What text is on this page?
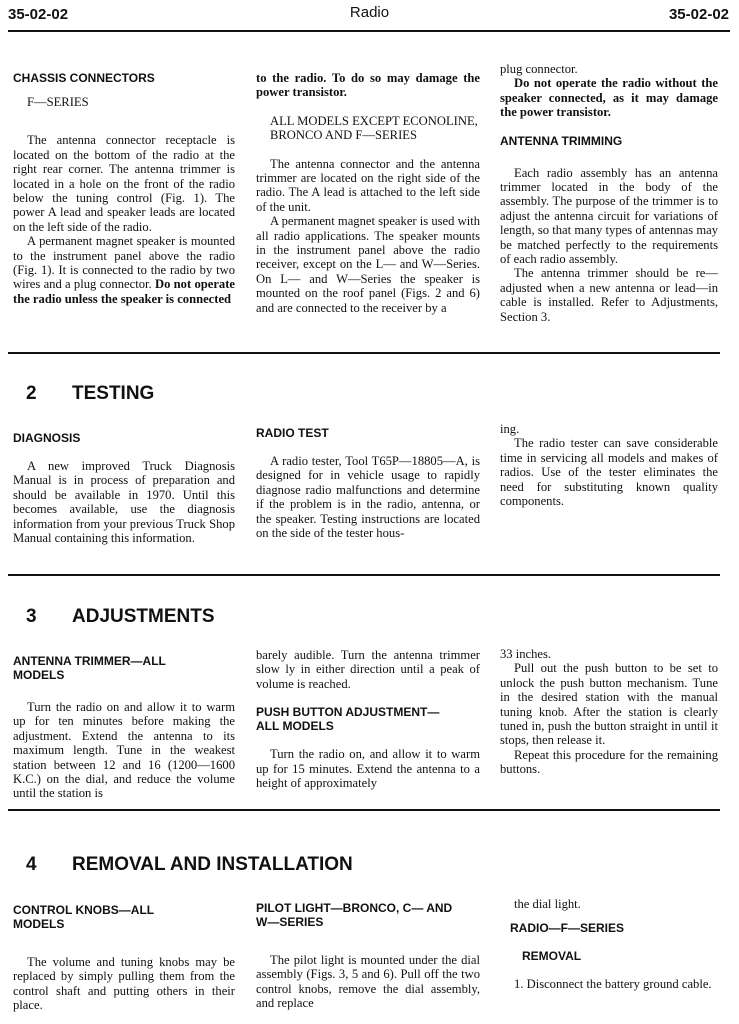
35-02-02	Radio	35-02-02
CHASSIS CONNECTORS
F—SERIES

The antenna connector receptacle is located on the bottom of the radio at the right rear corner. The antenna trimmer is located in a hole on the front of the radio below the tuning control (Fig. 1). The power A lead and speaker leads are located on the left side of the radio.

A permanent magnet speaker is mounted to the instrument panel above the radio (Fig. 1). It is connected to the radio by two wires and a plug connector. Do not operate the radio unless the speaker is connected

to the radio. To do so may damage the power transistor.

ALL MODELS EXCEPT ECONOLINE, BRONCO AND F—SERIES

The antenna connector and the antenna trimmer are located on the right side of the radio. The A lead is attached to the left side of the unit.

A permanent magnet speaker is used with all radio applications. The speaker mounts in the instrument panel above the radio receiver, except on the L— and W—Series. On L— and W—Series the speaker is mounted on the roof panel (Figs. 2 and 6) and are connected to the receiver by a

plug connector.

Do not operate the radio without the speaker connected, as it may damage the power transistor.

ANTENNA TRIMMING

Each radio assembly has an antenna trimmer located in the body of the assembly. The purpose of the trimmer is to adjust the antenna circuit for variations of length, so that many types of antennas may be matched perfectly to the requirements of each radio assembly.

The antenna trimmer should be re—adjusted when a new antenna or lead—in cable is installed. Refer to Adjustments, Section 3.

2 TESTING
DIAGNOSIS

A new improved Truck Diagnosis Manual is in process of preparation and should be available in 1970. Until this becomes available, use the diagnosis information from your previous Truck Shop Manual containing this information.

RADIO TEST

A radio tester, Tool T65P—18805—A, is designed for in vehicle usage to rapidly diagnose radio malfunctions and determine if the problem is in the radio, antenna, or the speaker. Testing instructions are located on the side of the tester hous-

ing.

The radio tester can save considerable time in servicing all models and makes of radios. Use of the tester eliminates the need for substituting known quality components.

3 ADJUSTMENTS
ANTENNA TRIMMER—ALL MODELS

Turn the radio on and allow it to warm up for ten minutes before making the adjustment. Extend the antenna to its maximum length. Tune in the weakest station between 12 and 16 (1200—1600 K.C.) on the dial, and reduce the volume until the station is

barely audible. Turn the antenna trimmer slow ly in either direction until a peak of volume is reached.

PUSH BUTTON ADJUSTMENT—ALL MODELS

Turn the radio on, and allow it to warm up for 15 minutes. Extend the antenna to a height of approximately

33 inches.

Pull out the push button to be set to unlock the push button mechanism. Tune in the desired station with the manual tuning knob. After the station is clearly tuned in, push the button straight in until it stops, then release it.

Repeat this procedure for the remaining buttons.

4 REMOVAL AND INSTALLATION
CONTROL KNOBS—ALL MODELS

The volume and tuning knobs may be replaced by simply pulling them from the control shaft and putting others in their place.

PILOT LIGHT—BRONCO, C— AND W—SERIES

The pilot light is mounted under the dial assembly (Figs. 3, 5 and 6). Pull off the two control knobs, remove the dial assembly, and replace

the dial light.

RADIO—F—SERIES
REMOVAL

1. Disconnect the battery ground cable.
